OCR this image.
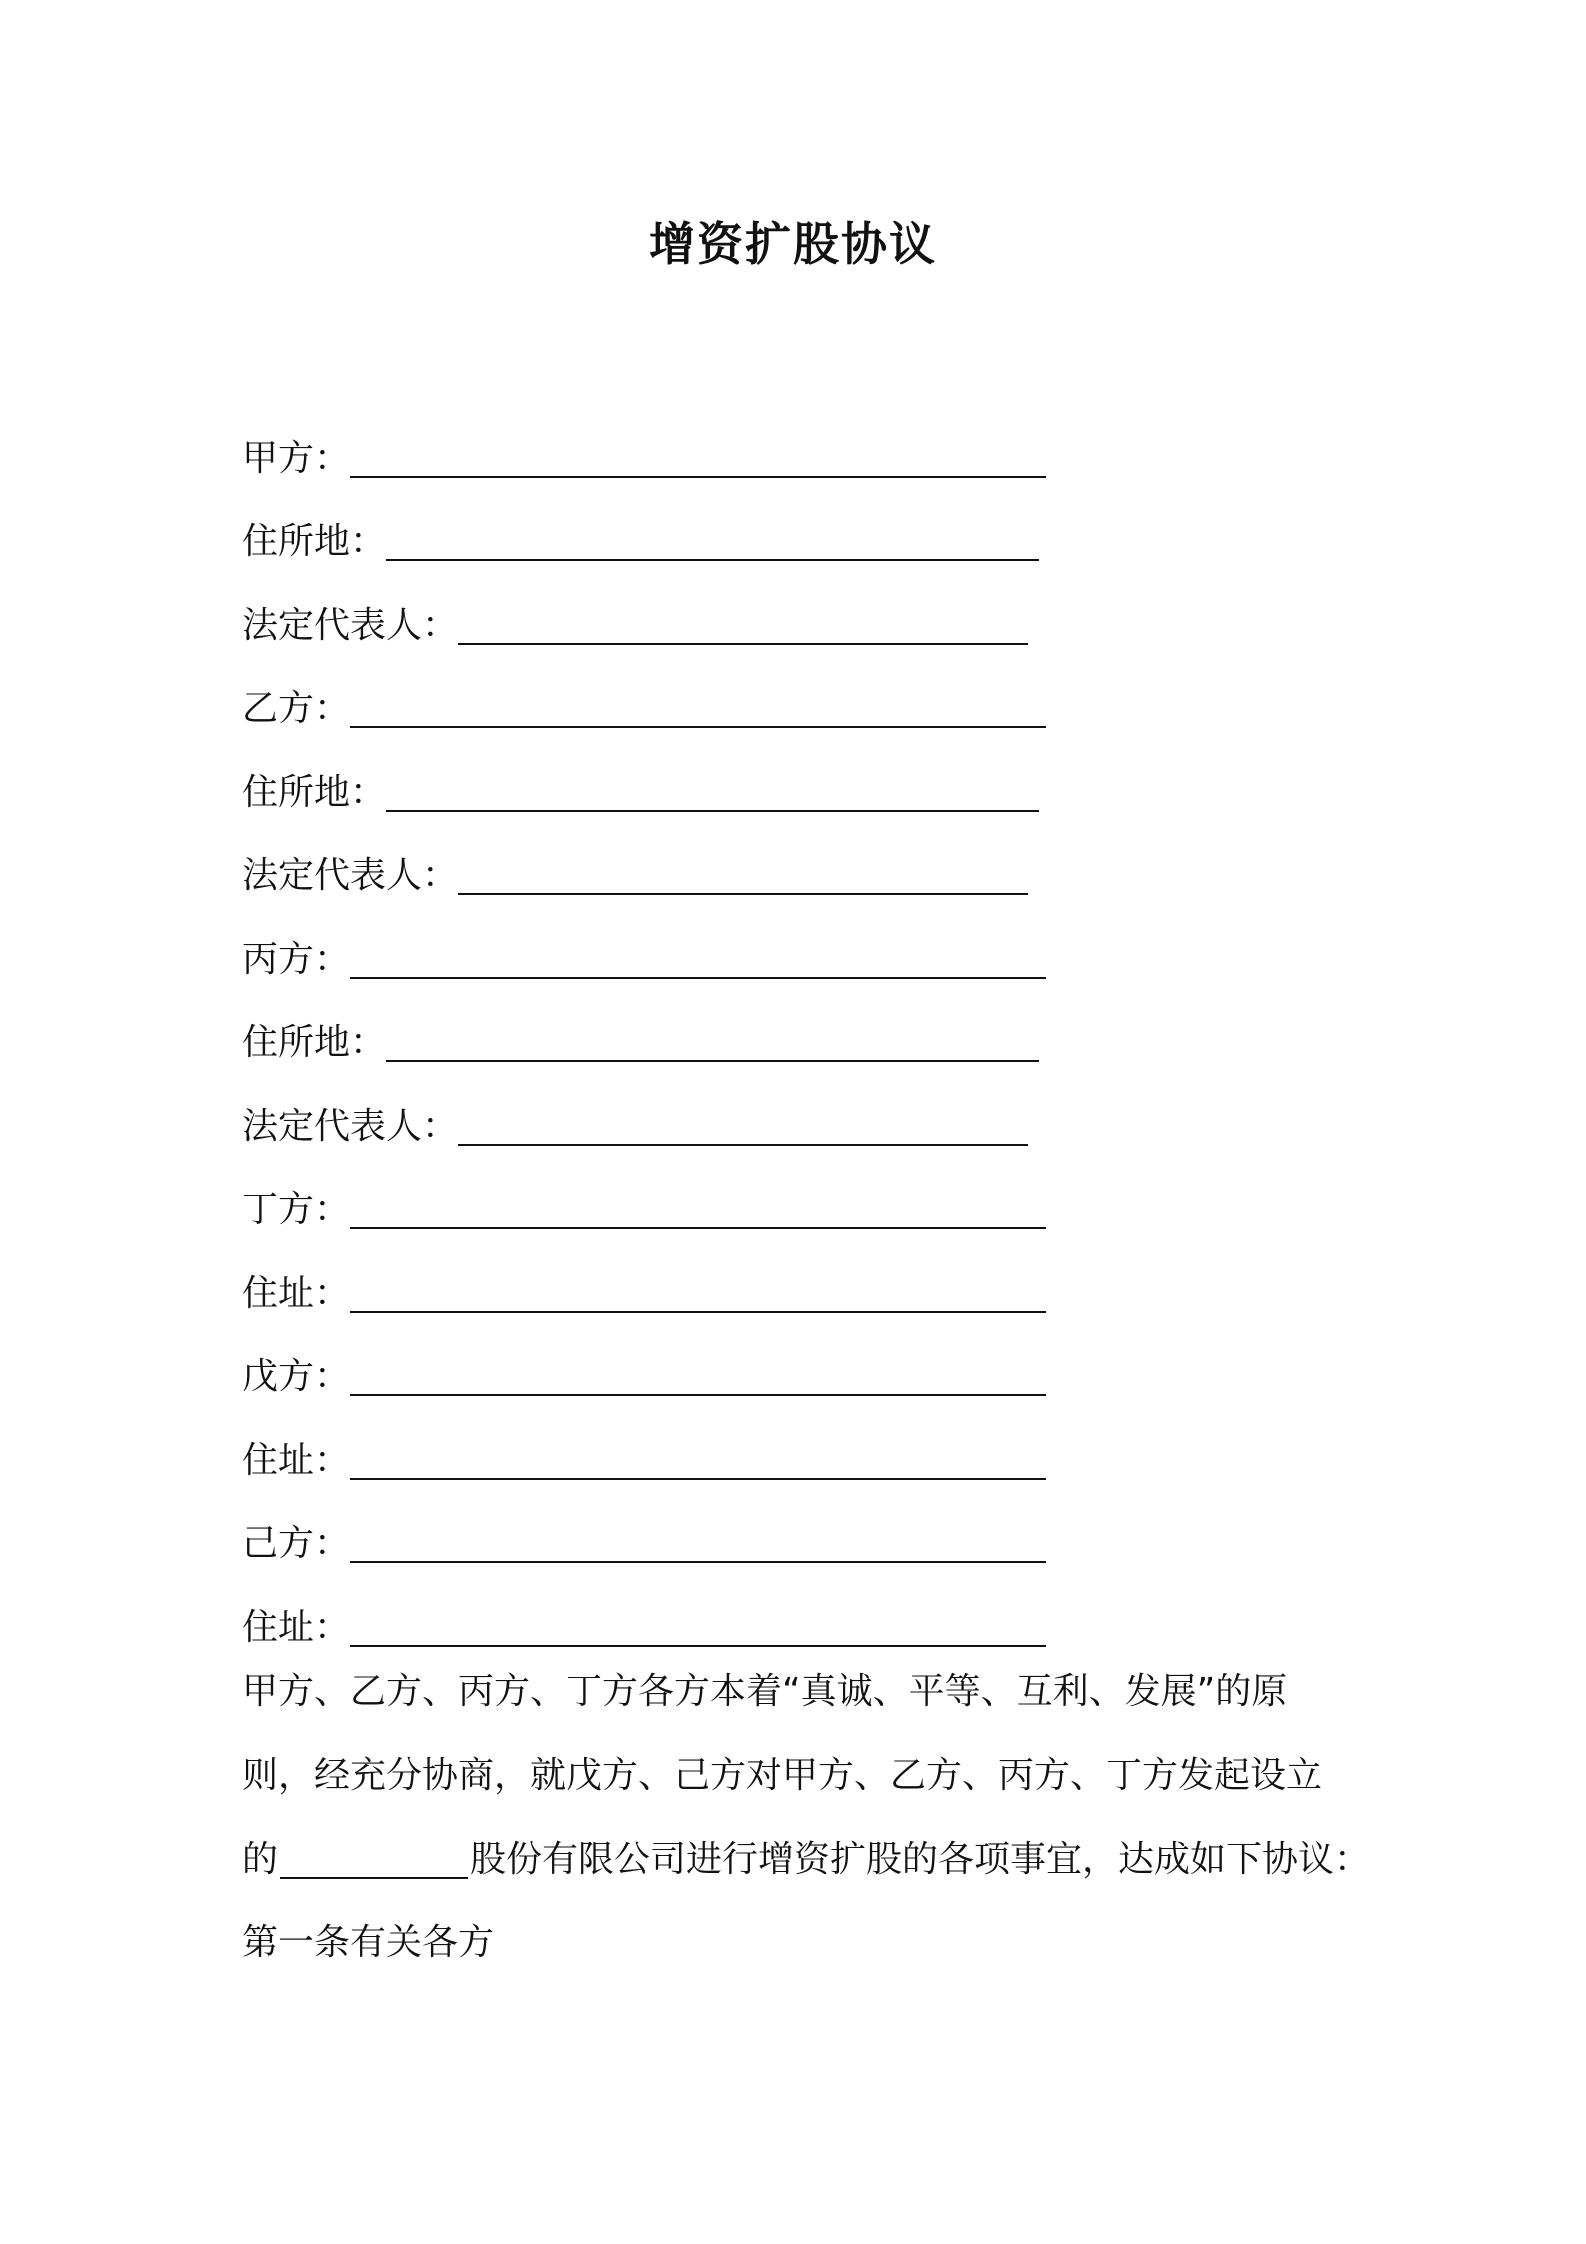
增资扩股协议
甲方：
住所地：
法定代表人：
乙方：
住所地：
法定代表人：
丙方：
住所地：
法定代表人：
丁方：
住址：
戊方：
住址：
己方：
住址：
甲方、乙方、丙方、丁方各方本着“真诚、平等、互利、发展”的原
则，经充分协商，就戊方、己方对甲方、乙方、丙方、丁方发起设立
的	股份有限公司进行增资扩股的各项事宜，达成如下协议：
第一条有关各方
